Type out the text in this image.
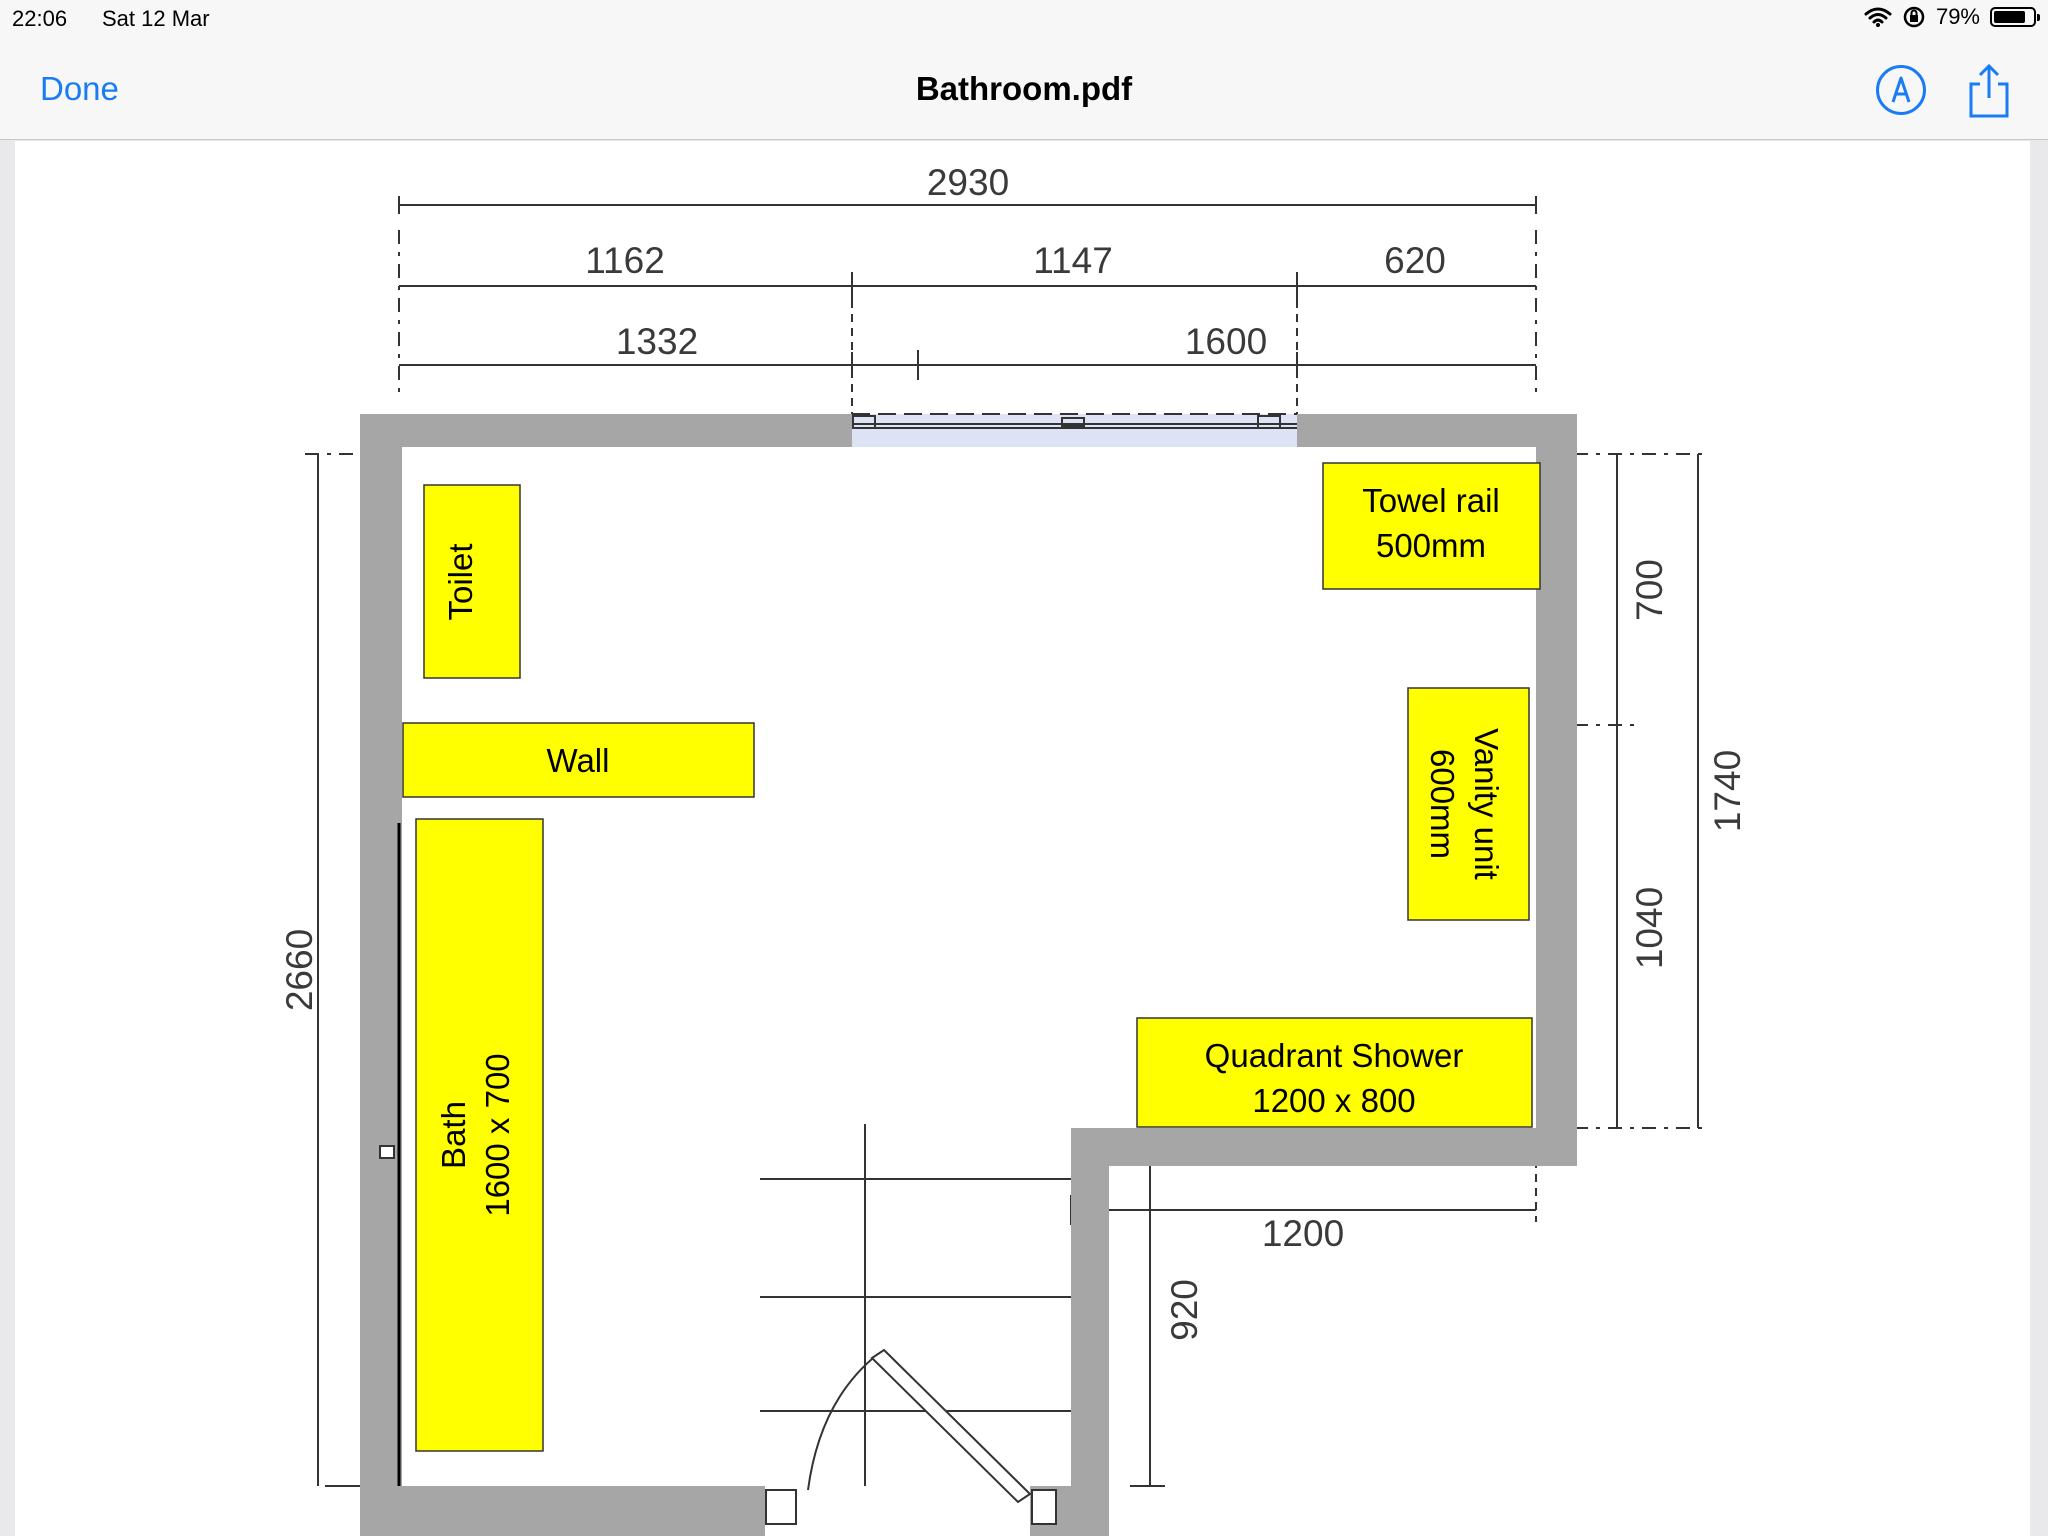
22:06 Sat 12 Mar	79%
Done	Bathroom.pdf
2930
1162	1147	620
1332	1600
1200
2660
700
1040
1740
920
Toilet
Wall
Bath 1600 x 700
Towel rail
500mm
Vanity unit
600mm
Quadrant Shower
1200 x 800
